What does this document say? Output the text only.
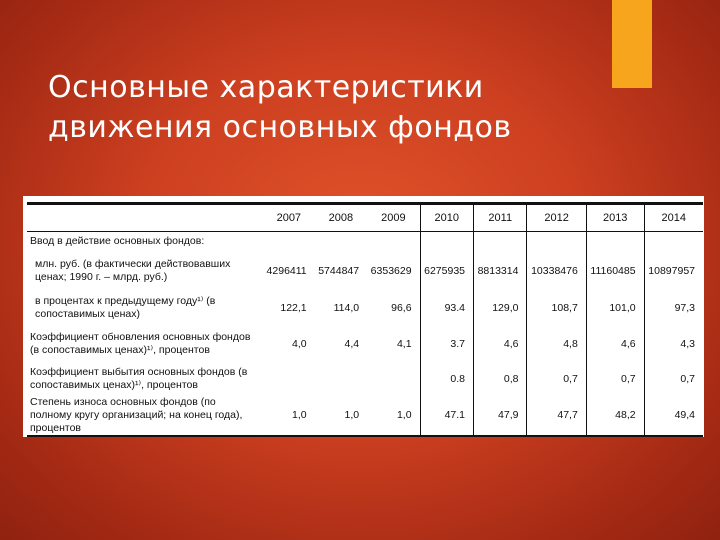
Основные характеристики
движения основных фондов
	2007	2008	2009	2010	2011	2012	2013	2014
Ввод в действие основных фондов:								
млн. руб. (в фактически действовавших ценах; 1990 г. – млрд. руб.)	4296411	5744847	6353629	6275935	8813314	10338476	11160485	10897957
в процентах к предыдущему году¹⁾ (в сопоставимых ценах)	122,1	114,0	96,6	93.4	129,0	108,7	101,0	97,3
Коэффициент обновления основных фондов (в сопоставимых ценах)¹⁾, процентов	4,0	4,4	4,1	3.7	4,6	4,8	4,6	4,3
Коэффициент выбытия основных фондов (в сопоставимых ценах)¹⁾, процентов				0.8	0,8	0,7	0,7	0,7
Степень износа основных фондов (по полному кругу организаций; на конец года), процентов	1,0	1,0	1,0	47.1	47,9	47,7	48,2	49,4
